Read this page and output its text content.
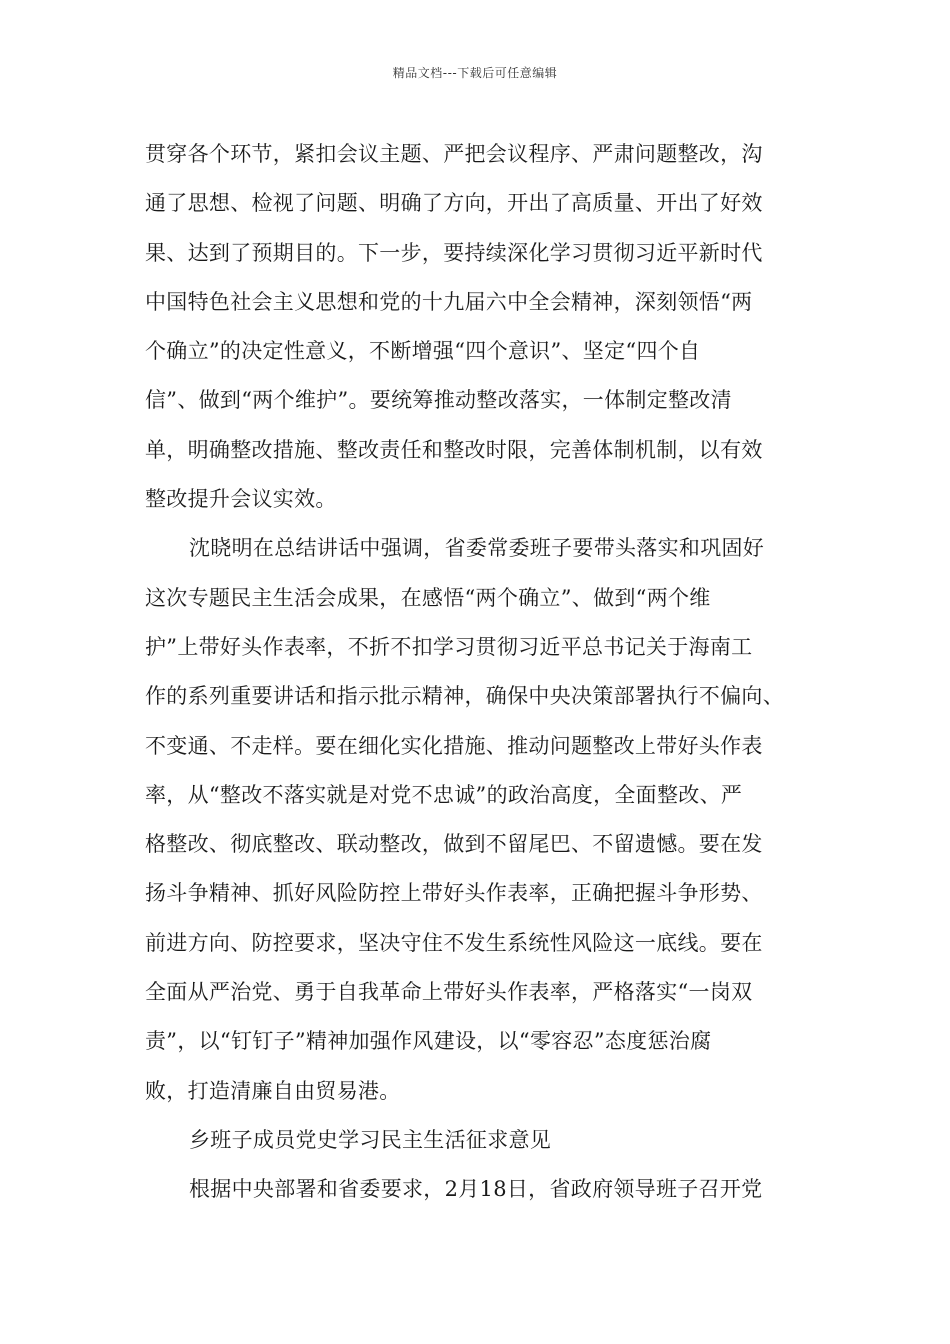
精品文档---下载后可任意编辑
贯穿各个环节，紧扣会议主题、严把会议程序、严肃问题整改，沟
通了思想、检视了问题、明确了方向，开出了高质量、开出了好效
果、达到了预期目的。下一步，要持续深化学习贯彻习近平新时代
中国特色社会主义思想和党的十九届六中全会精神，深刻领悟“两
个确立”的决定性意义，不断增强“四个意识”、坚定“四个自
信”、做到“两个维护”。要统筹推动整改落实，一体制定整改清
单，明确整改措施、整改责任和整改时限，完善体制机制，以有效
整改提升会议实效。
沈晓明在总结讲话中强调，省委常委班子要带头落实和巩固好
这次专题民主生活会成果，在感悟“两个确立”、做到“两个维
护”上带好头作表率，不折不扣学习贯彻习近平总书记关于海南工
作的系列重要讲话和指示批示精神，确保中央决策部署执行不偏向、
不变通、不走样。要在细化实化措施、推动问题整改上带好头作表
率，从“整改不落实就是对党不忠诚”的政治高度，全面整改、严
格整改、彻底整改、联动整改，做到不留尾巴、不留遗憾。要在发
扬斗争精神、抓好风险防控上带好头作表率，正确把握斗争形势、
前进方向、防控要求，坚决守住不发生系统性风险这一底线。要在
全面从严治党、勇于自我革命上带好头作表率，严格落实“一岗双
责”，以“钉钉子”精神加强作风建设，以“零容忍”态度惩治腐
败，打造清廉自由贸易港。
乡班子成员党史学习民主生活征求意见
根据中央部署和省委要求，2月18日，省政府领导班子召开党
